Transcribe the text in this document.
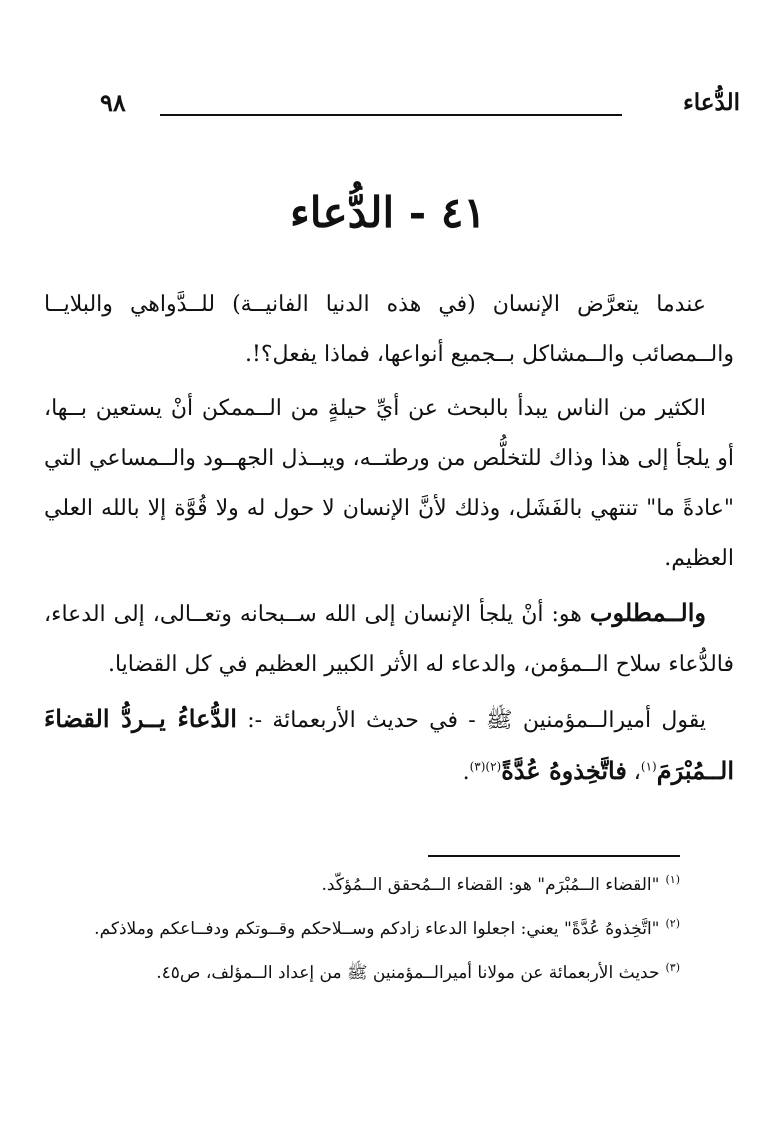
الدُّعاء
٩٨
٤١ - الدُّعاء

عندما يتعرَّض الإنسان (في هذه الدنيا الفانيــة) للــدَّواهي والبلايــا والــمصائب والــمشاكل بــجميع أنواعها، فماذا يفعل؟!.

الكثير من الناس يبدأ بالبحث عن أيِّ حيلةٍ من الــممكن أنْ يستعين بــها، أو يلجأ إلى هذا وذاك للتخلُّص من ورطتــه، ويبــذل الجهــود والــمساعي التي "عادةً ما" تنتهي بالفَشَل، وذلك لأنَّ الإنسان لا حول له ولا قُوَّة إلا بالله العلي العظيم.

والــمطلوب هو: أنْ يلجأ الإنسان إلى الله ســبحانه وتعــالى، إلى الدعاء، فالدُّعاء سلاح الــمؤمن، والدعاء له الأثر الكبير العظيم في كل القضايا.

يقول أميرالــمؤمنين ﷺ - في حديث الأربعمائة -: الدُّعاءُ يــردُّ القضاءَ الــمُبْرَمَ$^{(١)}$، فاتَّخِذوهُ عُدَّةً$^{(٢)(٣)}$.

$^{(١)}$"القضاء الــمُبْرَم" هو: القضاء الــمُحقق الــمُؤكّد.
$^{(٢)}$"اتَّخِذوهُ عُدَّةً" يعني: اجعلوا الدعاء زادكم وســلاحكم وقــوتكم ودفــاعكم وملاذكم.
$^{(٣)}$حديث الأربعمائة عن مولانا أميرالــمؤمنين ﷺ من إعداد الــمؤلف، ص٤٥.
